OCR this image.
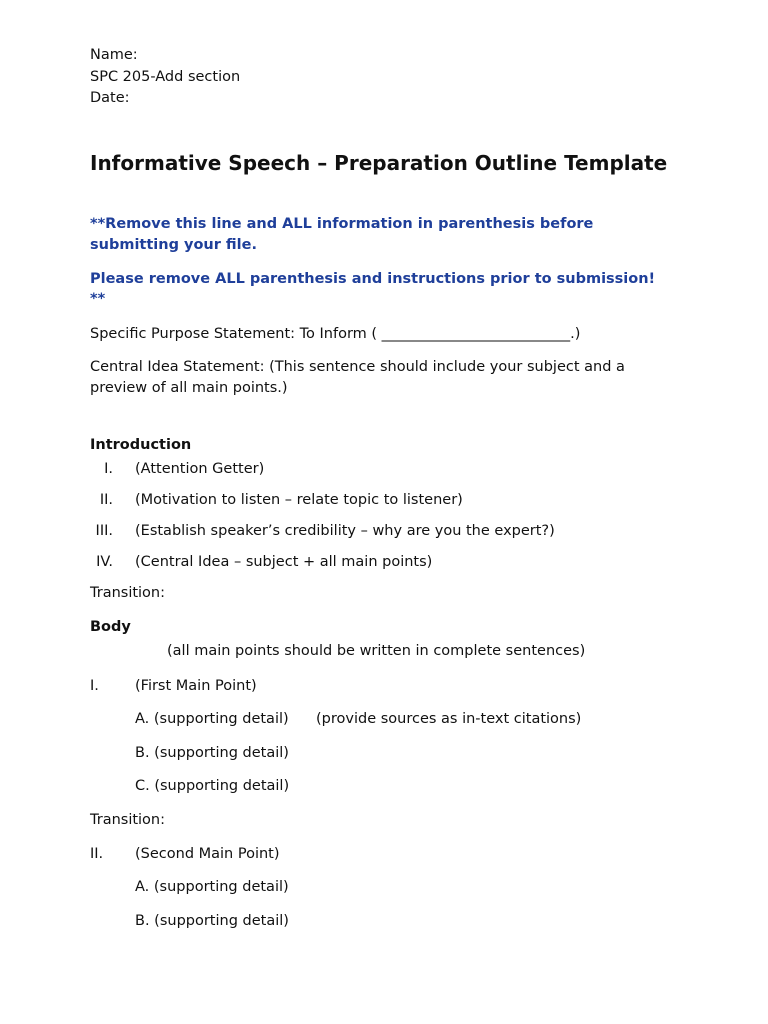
Name:
SPC 205-Add section
Date:
Informative Speech – Preparation Outline Template
**Remove this line and ALL information in parenthesis before
submitting your file.
Please remove ALL parenthesis and instructions prior to submission!
**
Specific Purpose Statement: To Inform ( __________________________.)
Central Idea Statement: (This sentence should include your subject and a
preview of all main points.)
Introduction
I. (Attention Getter)
II. (Motivation to listen – relate topic to listener)
III. (Establish speaker’s credibility – why are you the expert?)
IV. (Central Idea – subject + all main points)
Transition:
Body
(all main points should be written in complete sentences)
I. (First Main Point)
A. (supporting detail) (provide sources as in-text citations)
B. (supporting detail)
C. (supporting detail)
Transition:
II. (Second Main Point)
A. (supporting detail)
B. (supporting detail)
